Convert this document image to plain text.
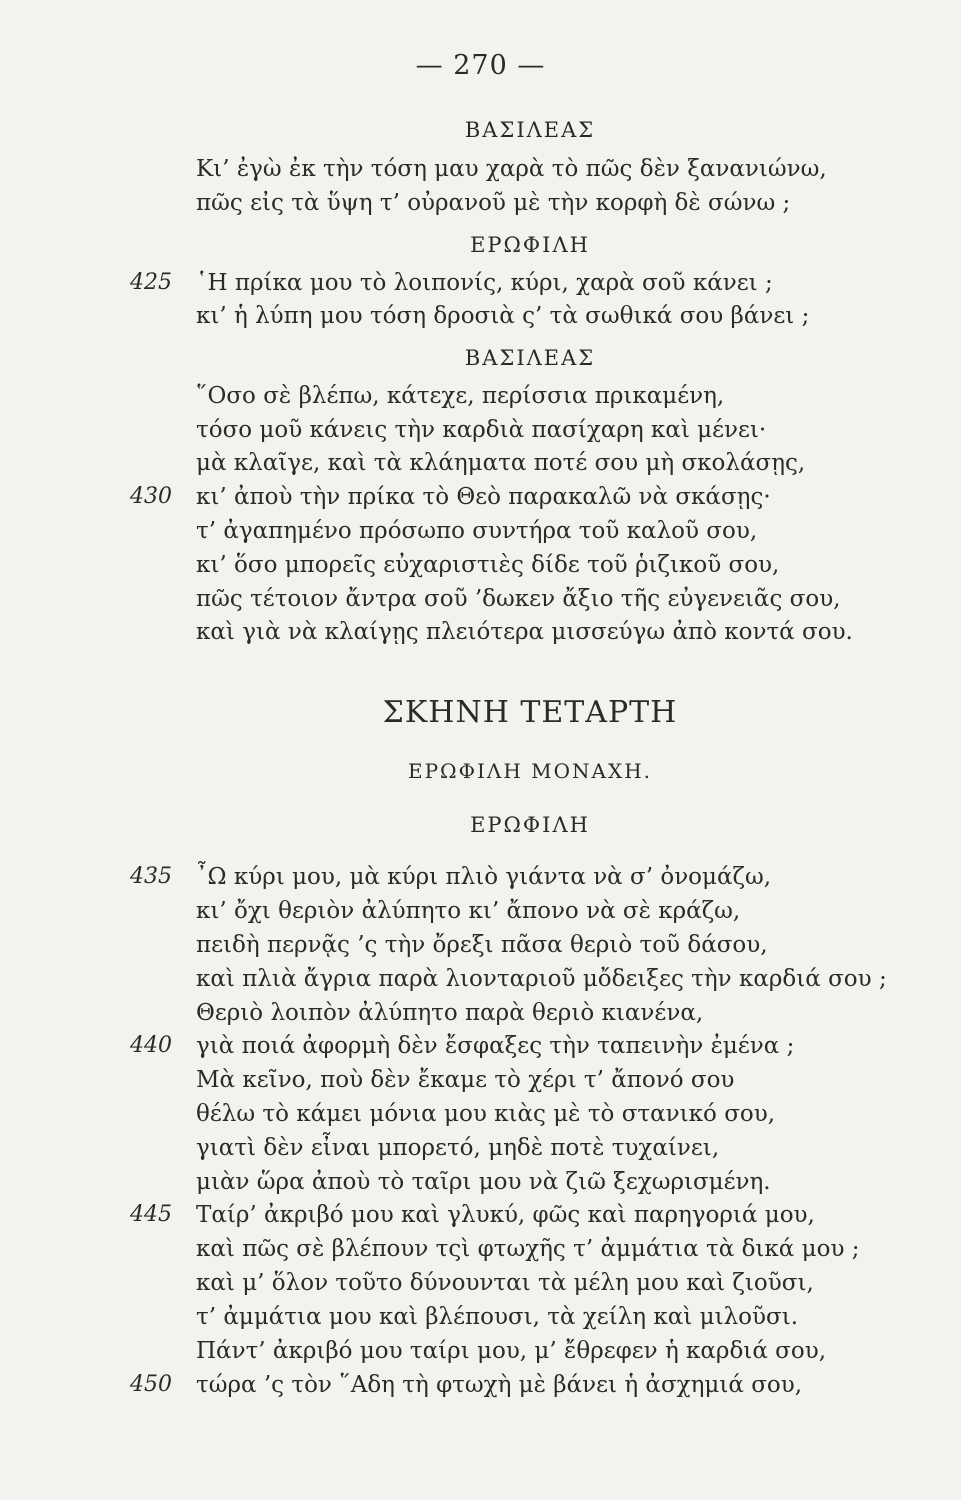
— 270 —
ΒΑΣΙΛΕΑΣ
Κι’ ἐγὼ ἐκ τὴν τόση μαυ χαρὰ τὸ πῶς δὲν ξανανιώνω,
πῶς εἰς τὰ ὕψη τ’ οὐρανοῦ μὲ τὴν κορφὴ δὲ σώνω ;
ΕΡΩΦΙΛΗ
425 ῾Η πρίκα μου τὸ λοιπονίς, κύρι, χαρὰ σοῦ κάνει ;
κι’ ἡ λύπη μου τόση δροσιὰ ς’ τὰ σωθικά σου βάνει ;
ΒΑΣΙΛΕΑΣ
῞Οσο σὲ βλέπω, κάτεχε, περίσσια πρικαμένη,
τόσο μοῦ κάνεις τὴν καρδιὰ πασίχαρη καὶ μένει·
μὰ κλαῖγε, καὶ τὰ κλάηματα ποτέ σου μὴ σκολάσῃς,
430 κι’ ἀποὺ τὴν πρίκα τὸ Θεὸ παρακαλῶ νὰ σκάσῃς·
τ’ ἀγαπημένο πρόσωπο συντήρα τοῦ καλοῦ σου,
κι’ ὅσο μπορεῖς εὐχαριστιὲς δίδε τοῦ ῥιζικοῦ σου,
πῶς τέτοιον ἄντρα σοῦ ’δωκεν ἄξιο τῆς εὐγενειᾶς σου,
καὶ γιὰ νὰ κλαίγῃς πλειότερα μισσεύγω ἀπὸ κοντά σου.
ΣΚΗΝΗ ΤΕΤΑΡΤΗ
ΕΡΩΦΙΛΗ ΜΟΝΑΧΗ.
ΕΡΩΦΙΛΗ
435 ῏Ω κύρι μου, μὰ κύρι πλιὸ γιάντα νὰ σ’ ὀνομάζω,
κι’ ὄχι θεριὸν ἀλύπητο κι’ ἄπονο νὰ σὲ κράζω,
πειδὴ περνᾷς ’ς τὴν ὄρεξι πᾶσα θεριὸ τοῦ δάσου,
καὶ πλιὰ ἄγρια παρὰ λιονταριοῦ μὄδειξες τὴν καρδιά σου ;
Θεριὸ λοιπὸν ἀλύπητο παρὰ θεριὸ κιανένα,
440 γιὰ ποιά ἀφορμὴ δὲν ἔσφαξες τὴν ταπεινὴν ἐμένα ;
Μὰ κεῖνο, ποὺ δὲν ἔκαμε τὸ χέρι τ’ ἄπονό σου
θέλω τὸ κάμει μόνια μου κιὰς μὲ τὸ στανικό σου,
γιατὶ δὲν εἶναι μπορετό, μηδὲ ποτὲ τυχαίνει,
μιὰν ὥρα ἀποὺ τὸ ταῖρι μου νὰ ζιῶ ξεχωρισμένη.
445 Ταίρ’ ἀκριβό μου καὶ γλυκύ, φῶς καὶ παρηγοριά μου,
καὶ πῶς σὲ βλέπουν τςὶ φτωχῆς τ’ ἀμμάτια τὰ δικά μου ;
καὶ μ’ ὅλον τοῦτο δύνουνται τὰ μέλη μου καὶ ζιοῦσι,
τ’ ἀμμάτια μου καὶ βλέπουσι, τὰ χείλη καὶ μιλοῦσι.
Πάντ’ ἀκριβό μου ταίρι μου, μ’ ἔθρεφεν ἡ καρδιά σου,
450 τώρα ’ς τὸν ῞Αδη τὴ φτωχὴ μὲ βάνει ἡ ἀσχημιά σου,
